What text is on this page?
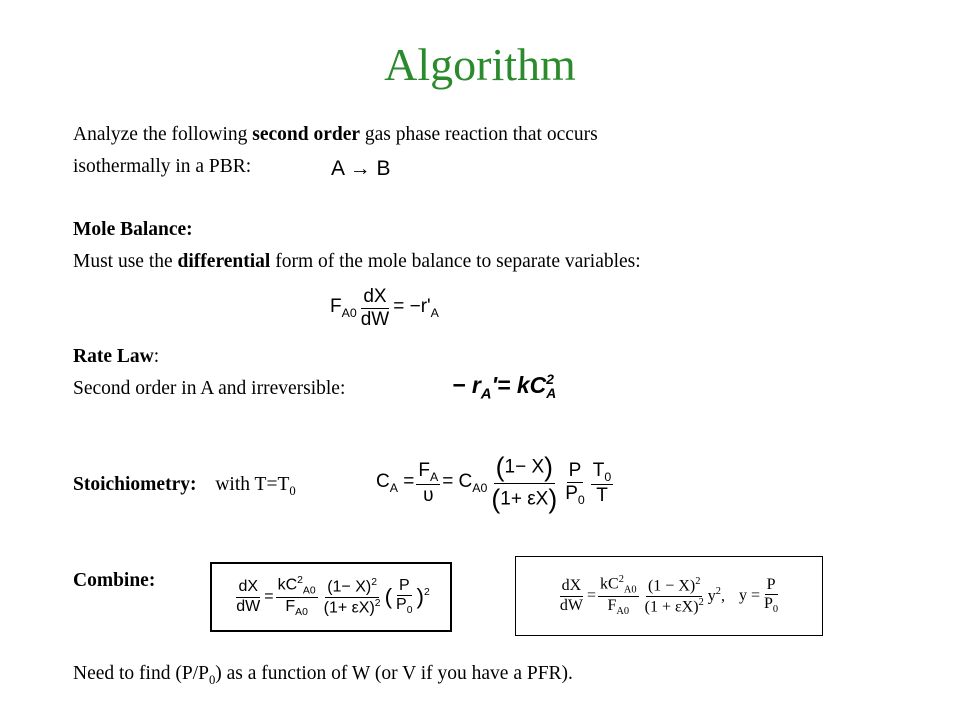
Algorithm
Analyze the following second order gas phase reaction that occurs
isothermally in a PBR:	A → B
Mole Balance:
Must use the differential form of the mole balance to separate variables:
$F_{A0} \frac{dX}{dW} = -r'_A$
Rate Law:
Second order in A and irreversible:	− $r_A'=$ kC 2
A
Stoichiometry: with $T=T_0$	$C_A = \frac{F_A}{\upsilon} = C_{A0} \frac{(1- X)}{(1+ \varepsilon X)} \frac{P}{P_0} \frac{T_0}{T}$
Combine:	$\frac{dX}{dW} = \frac{kC^2_{A0}}{F_{A0}} \frac{(1- X)^2}{(1+ \varepsilon X)^2}$ ( $\frac{P}{P_0} )^2$	$\frac{dX}{dW} = \frac{kC^2_{A0}}{F_{A0}} \frac{(1 - X)^2}{(1 + \varepsilon X)^2} y^2$, $y = \frac{P}{P_0}$
Need to find $(P/P_0)$ as a function of W (or V if you have a PFR).
